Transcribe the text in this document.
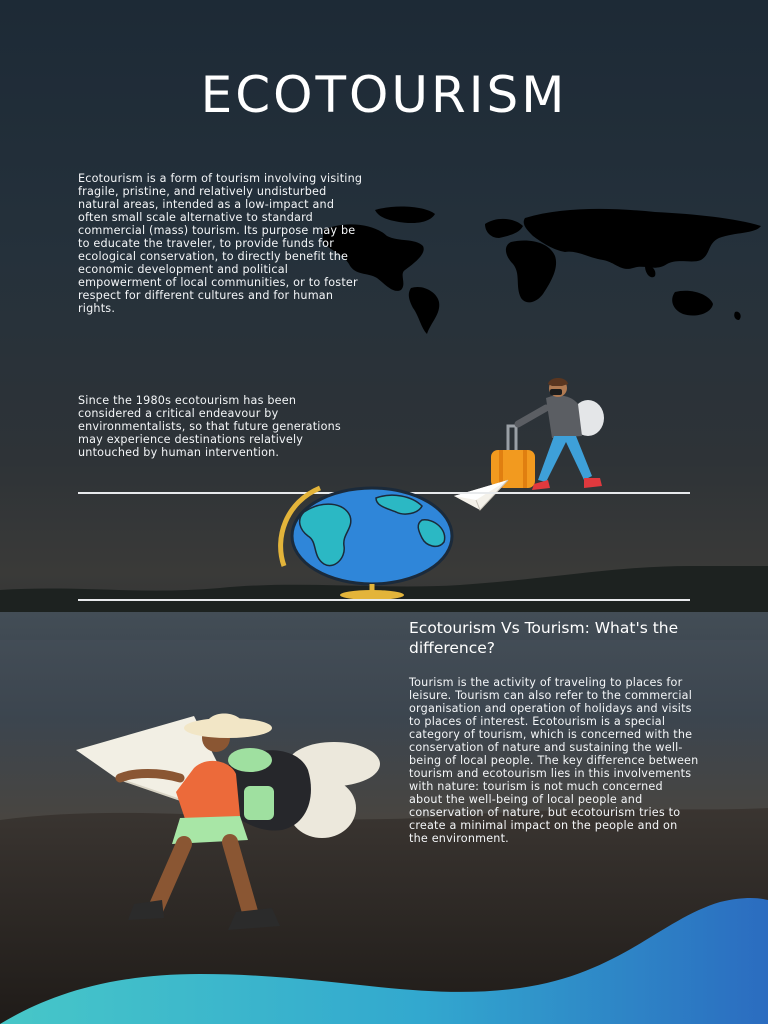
ECOTOURISM

Ecotourism is a form of tourism involving visiting fragile, pristine, and relatively undisturbed natural areas, intended as a low-impact and often small scale alternative to standard commercial (mass) tourism. Its purpose may be to educate the traveler, to provide funds for ecological conservation, to directly benefit the economic development and political empowerment of local communities, or to foster respect for different cultures and for human rights.

Since the 1980s ecotourism has been considered a critical endeavour by environmentalists, so that future generations may experience destinations relatively untouched by human intervention.

Ecotourism Vs Tourism: What's the difference?

Tourism is the activity of traveling to places for leisure. Tourism can also refer to the commercial organisation and operation of holidays and visits to places of interest. Ecotourism is a special category of tourism, which is concerned with the conservation of nature and sustaining the well-being of local people. The key difference between tourism and ecotourism lies in this involvements with nature: tourism is not much concerned about the well-being of local people and conservation of nature, but ecotourism tries to create a minimal impact on the people and on the environment.
